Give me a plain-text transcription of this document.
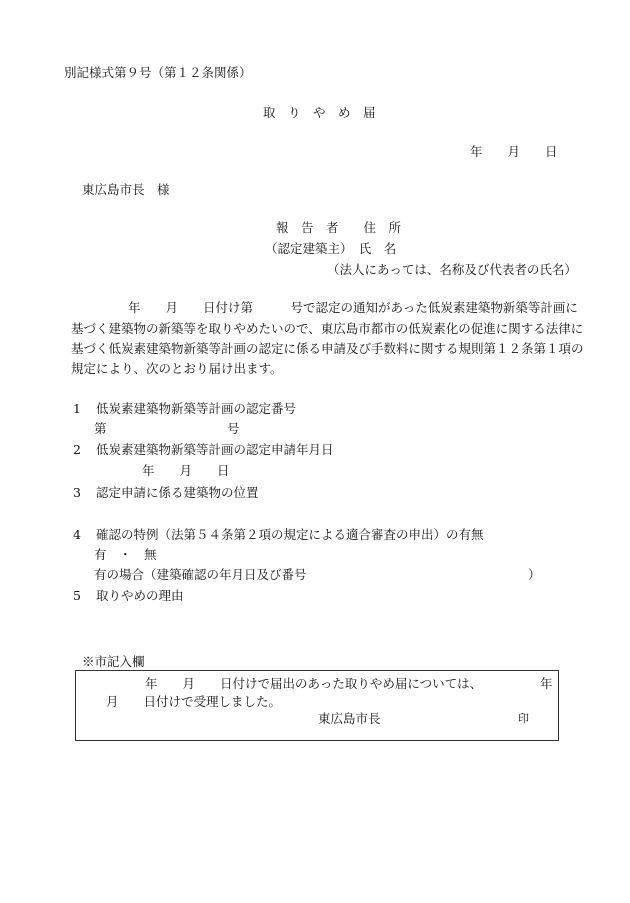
別記様式第９号（第１２条関係）
取　り　や　め　届
年　　月　　日
東広島市長　様
報　告　者　　住　所
（認定建築主）　氏　名
（法人にあっては、名称及び代表者の氏名）
年　　月　　日付け第　　　号で認定の通知があった低炭素建築物新築等計画に
基づく建築物の新築等を取りやめたいので、東広島市都市の低炭素化の促進に関する法律に
基づく低炭素建築物新築等計画の認定に係る申請及び手数料に関する規則第１２条第１項の
規定により、次のとおり届け出ます。
1 低炭素建築物新築等計画の認定番号
第	号
2 低炭素建築物新築等計画の認定申請年月日
年　　月　　日
3 認定申請に係る建築物の位置
4 確認の特例（法第５４条第２項の規定による適合審査の申出）の有無
有　・　無
有の場合（建築確認の年月日及び番号	）
5 取りやめの理由
※市記入欄
年　　月　　日付けで届出のあった取りやめ届については、	年
月　　日付けで受理しました。
東広島市長	印
